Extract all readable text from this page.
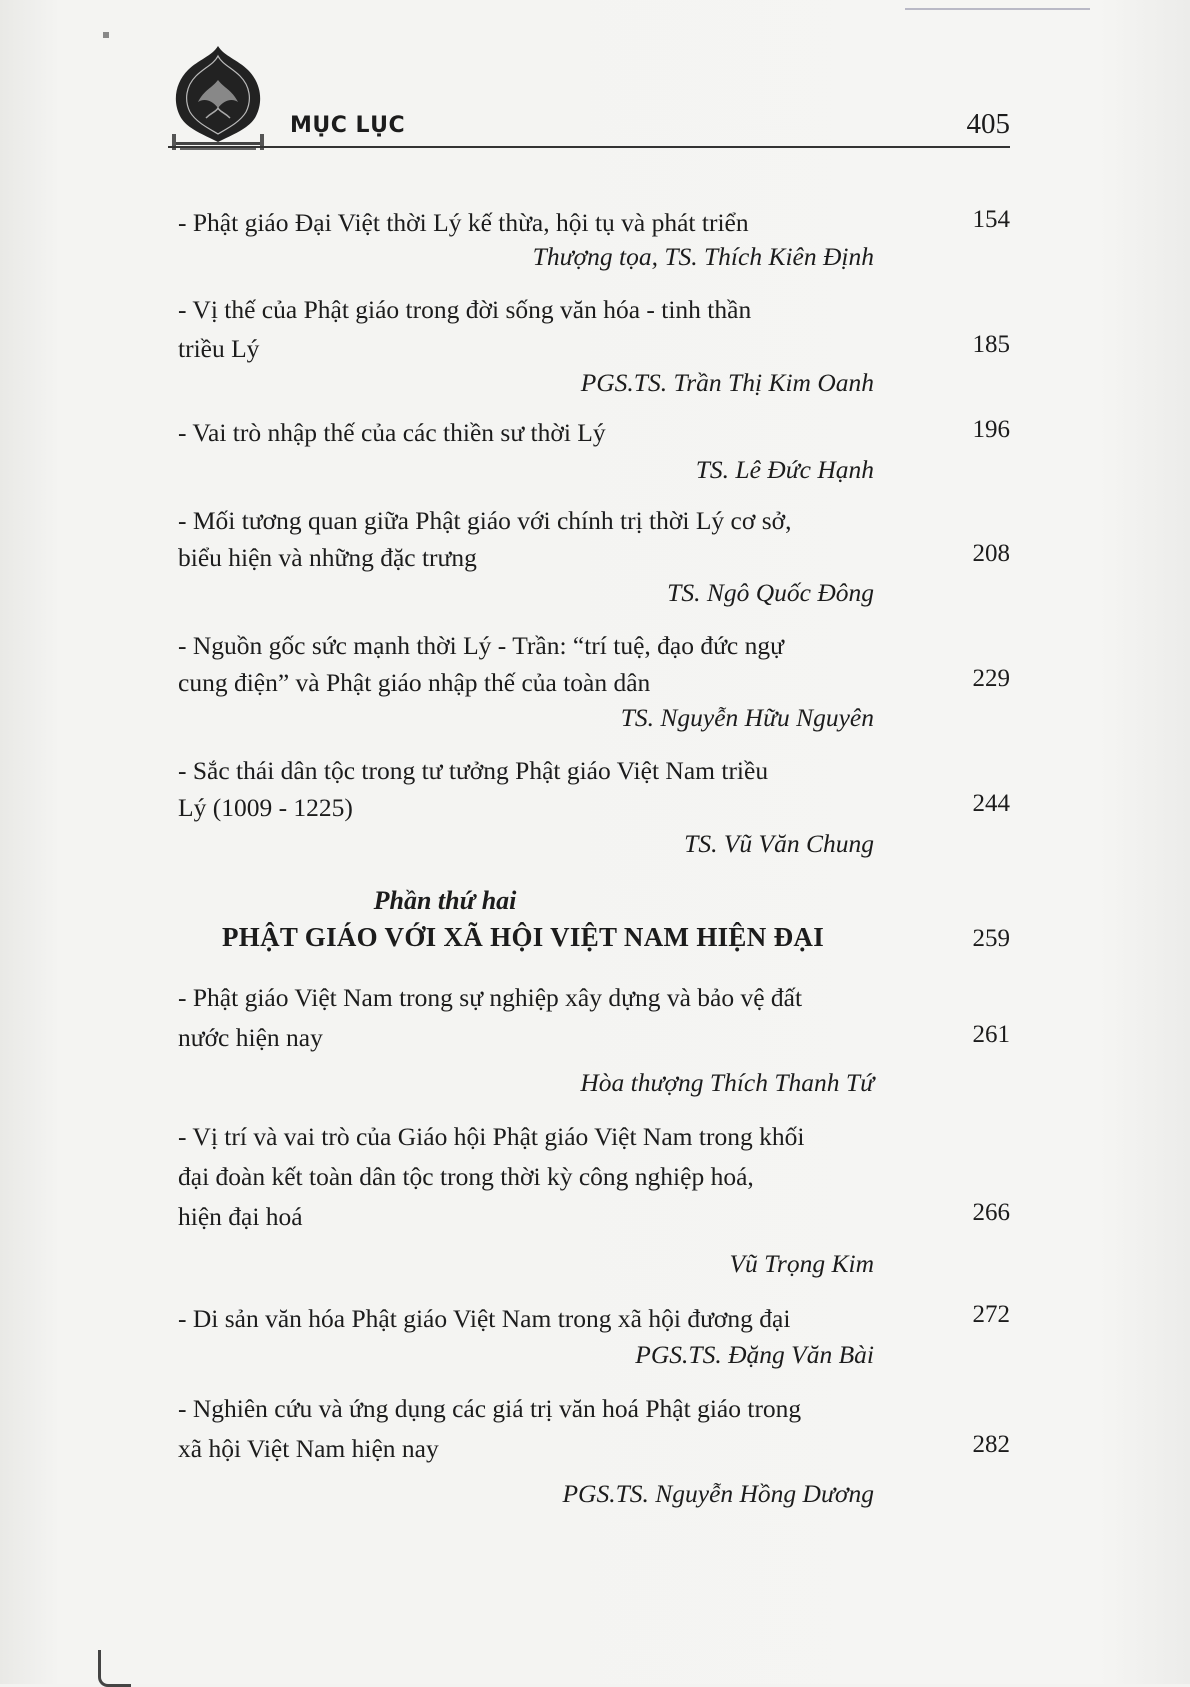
MỤC LỤC	405
- Phật giáo Đại Việt thời Lý kế thừa, hội tụ và phát triển	154
Thượng tọa, TS. Thích Kiên Định
- Vị thế của Phật giáo trong đời sống văn hóa - tinh thần
triều Lý	185
PGS.TS. Trần Thị Kim Oanh
- Vai trò nhập thế của các thiền sư thời Lý	196
TS. Lê Đức Hạnh
- Mối tương quan giữa Phật giáo với chính trị thời Lý cơ sở,
biểu hiện và những đặc trưng	208
TS. Ngô Quốc Đông
- Nguồn gốc sức mạnh thời Lý - Trần: “trí tuệ, đạo đức ngự
cung điện” và Phật giáo nhập thế của toàn dân	229
TS. Nguyễn Hữu Nguyên
- Sắc thái dân tộc trong tư tưởng Phật giáo Việt Nam triều
Lý (1009 - 1225)	244
TS. Vũ Văn Chung
Phần thứ hai
PHẬT GIÁO VỚI XÃ HỘI VIỆT NAM HIỆN ĐẠI	259
- Phật giáo Việt Nam trong sự nghiệp xây dựng và bảo vệ đất
nước hiện nay	261
Hòa thượng Thích Thanh Tứ
- Vị trí và vai trò của Giáo hội Phật giáo Việt Nam trong khối
đại đoàn kết toàn dân tộc trong thời kỳ công nghiệp hoá,
hiện đại hoá	266
Vũ Trọng Kim
- Di sản văn hóa Phật giáo Việt Nam trong xã hội đương đại	272
PGS.TS. Đặng Văn Bài
- Nghiên cứu và ứng dụng các giá trị văn hoá Phật giáo trong
xã hội Việt Nam hiện nay	282
PGS.TS. Nguyễn Hồng Dương
